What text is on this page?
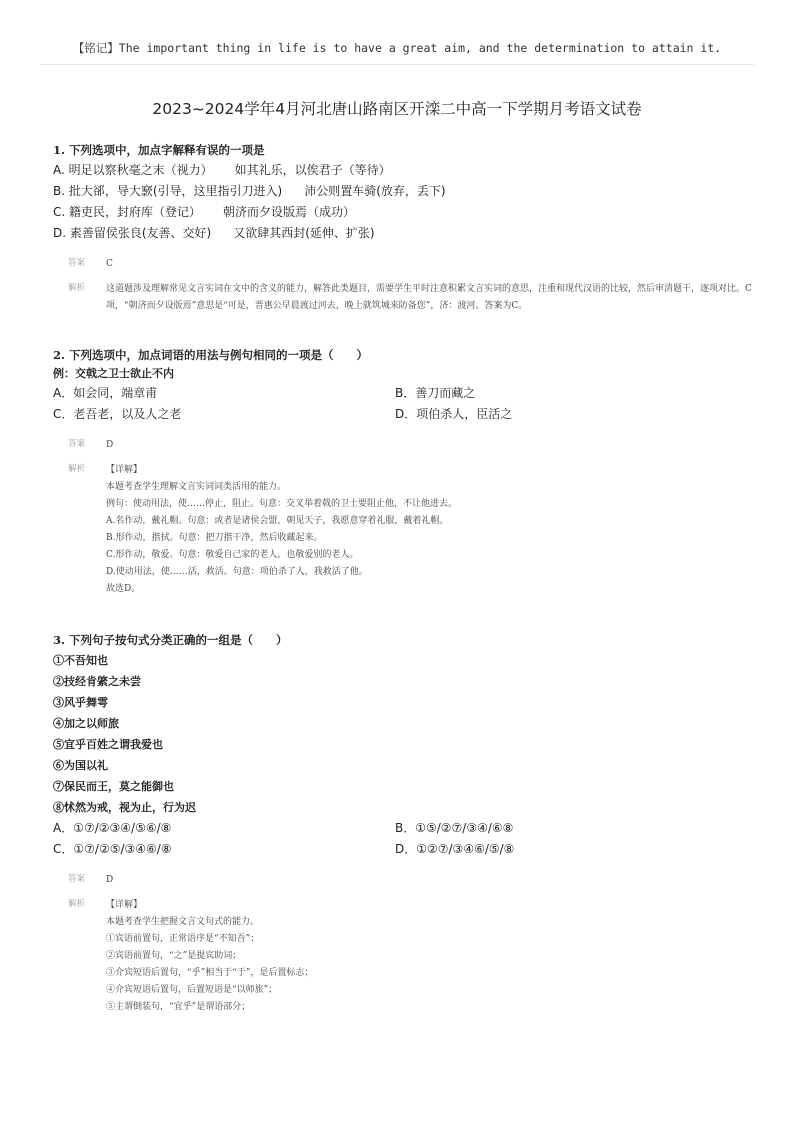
【铭记】The important thing in life is to have a great aim, and the determination to attain it.
2023~2024学年4月河北唐山路南区开滦二中高一下学期月考语文试卷

1. 下列选项中，加点字解释有误的一项是

A. 明足以察秋毫之末（视力） 如其礼乐，以俟君子（等待）

B. 批大郤，导大窾(引导，这里指引刀进入) 沛公则置车骑(放弃，丢下)

C. 籍吏民，封府库（登记） 朝济而夕设版焉（成功）

D. 素善留侯张良(友善、交好) 又欲肆其西封(延伸、扩张)

答案	C
解析	这道题涉及理解常见文言实词在文中的含义的能力，解答此类题目，需要学生平时注意积累文言实词的意思，注重和现代汉语的比较，然后审清题干，逐项对比。C项，“朝济而夕设版焉”意思是“可是，晋惠公早晨渡过河去，晚上就筑城来防备您”，济：渡河。答案为C。

2. 下列选项中，加点词语的用法与例句相同的一项是（　　）

例：交戟之卫士欲止不内

A．如会同，端章甫	B．善刀而藏之
C．老吾老，以及人之老	D．项伯杀人，臣活之
答案	D
解析	【详解】

本题考查学生理解文言实词词类活用的能力。

例句：使动用法，使……停止，阻止。句意：交叉举着戟的卫士要阻止他，不让他进去。

A.名作动，戴礼帽。句意：或者是诸侯会盟，朝见天子，我愿意穿着礼服，戴着礼帽。

B.形作动，揩拭。句意：把刀揩干净，然后收藏起来。

C.形作动，敬爱。句意：敬爱自己家的老人，也敬爱别的老人。

D.使动用法，使……活，救活。句意：项伯杀了人，我救活了他。

故选D。

3. 下列句子按句式分类正确的一组是（　　）

①不吾知也

②技经肯綮之未尝

③风乎舞雩

④加之以师旅

⑤宜乎百姓之谓我爱也

⑥为国以礼

⑦保民而王，莫之能御也

⑧怵然为戒，视为止，行为迟

A．①⑦/②③④/⑤⑥/⑧	B．①⑤/②⑦/③④/⑥⑧
C．①⑦/②⑤/③④⑥/⑧	D．①②⑦/③④⑥/⑤/⑧
答案	D
解析	【详解】

本题考查学生把握文言文句式的能力。

①宾语前置句，正常语序是“不知吾”；

②宾语前置句，“之”是提宾助词；

③介宾短语后置句，“乎”相当于“于”，是后置标志；

④介宾短语后置句，后置短语是“以师旅”；

⑤主谓倒装句，“宜乎”是谓语部分；
